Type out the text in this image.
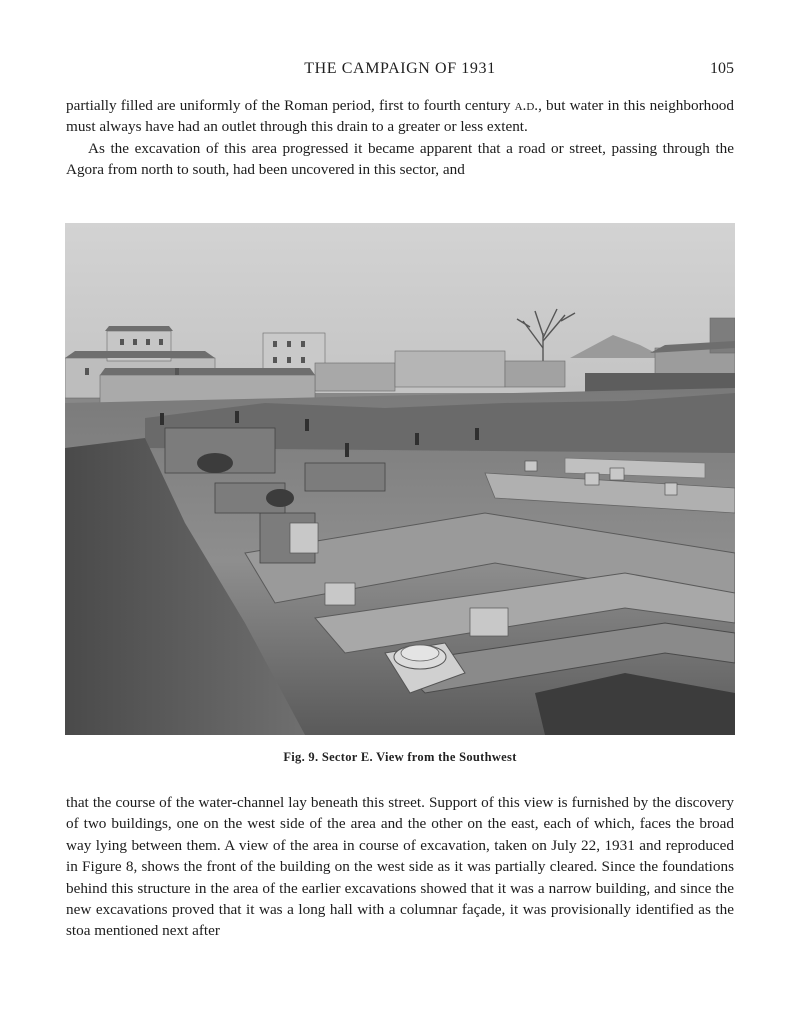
THE CAMPAIGN OF 1931	105

partially filled are uniformly of the Roman period, first to fourth century a.d., but water in this neighborhood must always have had an outlet through this drain to a greater or less extent.

As the excavation of this area progressed it became apparent that a road or street, passing through the Agora from north to south, had been uncovered in this sector, and

Fig. 9. Sector E. View from the Southwest

that the course of the water-channel lay beneath this street. Support of this view is furnished by the discovery of two buildings, one on the west side of the area and the other on the east, each of which, faces the broad way lying between them. A view of the area in course of excavation, taken on July 22, 1931 and reproduced in Figure 8, shows the front of the building on the west side as it was partially cleared. Since the foundations behind this structure in the area of the earlier excavations showed that it was a narrow building, and since the new excavations proved that it was a long hall with a columnar façade, it was provisionally identified as the stoa mentioned next after
